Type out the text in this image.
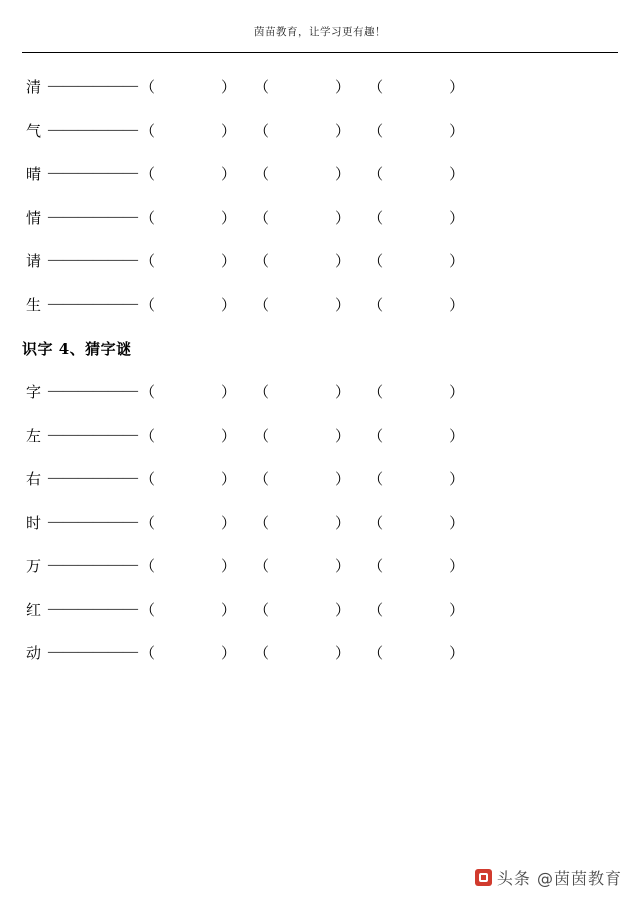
茵苗教育，让学习更有趣！
清 —————— （	） （	） （	）
气 —————— （	） （	） （	）
晴 —————— （	） （	） （	）
情 —————— （	） （	） （	）
请 —————— （	） （	） （	）
生 —————— （	） （	） （	）
识字 4、猜字谜
字 —————— （	） （	） （	）
左 —————— （	） （	） （	）
右 —————— （	） （	） （	）
时 —————— （	） （	） （	）
万 —————— （	） （	） （	）
红 —————— （	） （	） （	）
动 —————— （	） （	） （	）
头条 @茵茵教育
